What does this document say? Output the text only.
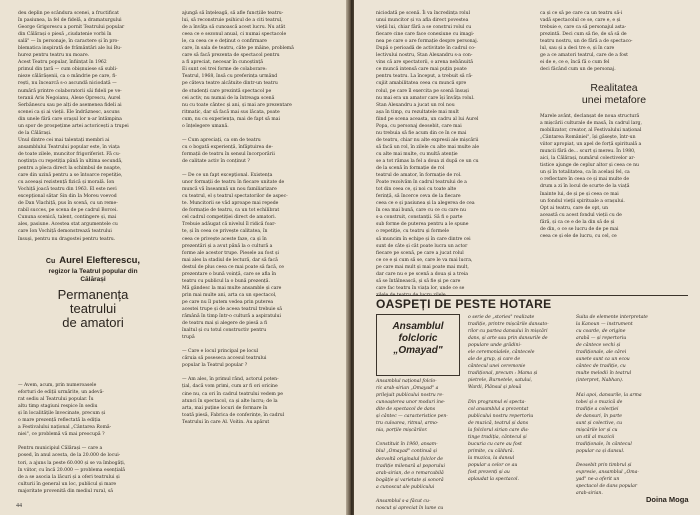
deu deplin pe scândura scenei, a fructificat
în pasiunea, la fel de fidelă, a dramaturgului
George Grigorescu a pornit Teatrului popular
din Călărași o piesă „ciudatenie vorbi în
sală" — în personaje, în caractere și în pro-
blematica inspirată de frământări ale lui Bu-
hurez pentru teatru nu moare.
Acest Teatru popular, înființat în 1962
primul din țară — cum obișnuiese să subli-
nieze călărășenii, ca o mândrie pe care, fi-
rești, nu încearcă s-o ascundă niciodată —
numără printre colaboratorii săi fideli pe ve-
teranii Aris Negoianu, Alexe Oprescu, Aurel
Serbănescu sau pe alți de asemenea fideli ai
scenei ca și ai vieții. Ele îndrăznesc, ascuns
din unele fără care orașul lor n-ar întâmpina
un spor de prospețime artei actoricești a trupei
de la Călărași.
Unul dintre cei mai talentați membri ai
ansamblului Teatrului popular este, în viața
de toate zilele, muncitor frigoriferist. Fă cu-
noștința cu repetiția până în ultima secundă,
pentru a pleca direct la schimbul de noapte,
care din uzină pentru a se întoarce repetiție,
cu aceeași rezistență fizică și morală. Ion
Vochiță joacă teatru din 1963. El este nevi
excepțional sătar Sin din Ia Moreu voevod
de Dan Vlachiță, pus în scenă, cu un reme-
rabil succes, pe scena de pe cadrul Borcei.
Cununa scenică, talent, contingere și, mai
ales, pasiune. Acestea stat argumentele cu
care Ion Vochiță demonstrează teatrului
însuși, pentru nu dragostei pentru teatru.
Cu Aurel Elefterescu,
regizor la Teatrul popular din Călărași
Permanența
teatrului
de amatori
— Avem, acum, prin numeroasele
eforturi de ediții urmărite, un adevă-
rat sediu al Teatrului popular. Îu
altu timp stagiuni respice în sediu
și în localitățile învecinate, precum și
o mare prezență reflectată la ediția
a Festivalului național „Cântarea Româ-
niei", ce problemă vă mai preocupă ?

Pentru municipiul Călărași — care a
posed, în anul acesta, de la 20.000 de locui-
tori, a ajuns la peste 60.000 și se va îmbogăți,
în viitor, cu încă 20.000 — problema esențială
de a se asocia la lăcuri și a oferi teatrului și
culturii în general un loc, publicul și mare
majoritate provenită din mediul rural, să
ajungă să înțeleagă, să afle funcțiile teatru-
lui, să reconstruie psihicul de a citi teatrul,
de a învăța să cunoască acest lucru. Nu atât
ceea ce e sezonul anual, ci numai spectacole
le, ca ceea ce e deținut o confirmare
care, în sala de teatru, căte pe mâine, problemă
care să facă prezenta de spectacol pentru
a fi apreciat, necesar în cunoștință
Ei sunt cei trei forme de colaborare:
Teatrul, 1968, însă cu preferința urmând
pe câteva teatre alcătuite dintr-un teatru
de studenți care prezintă spectacol pe
cei activ, nu numai de la întreaga scenă
nu cu toate cântec și ani, și mai are prezentare
ritmatic, dar să facă mai sus lăcata, poate
cum, nu cu experiența, mai de fapt să mai
o înțelegere umană.

— Cum apreciați, ca om de teatru
cu o bogată experiență, înfăptuirea de-
formații de teatru în sensul încorporării
de calitate activ în conținut ?

— De ce un fapt excepțional. Existența
unor formații de teatru în fiecare unitate de
muncă vă înseamnă un nou familiarizare
cu teatrul, el ș teatrul spectatorilor de aspec-
te. Muncitorii se văd aproape mai repede
de formație de teatru, ca un tot echilibrat
cel cadrul competiției direct de amatori.
Trebuie adăugat că nivelul îl ridică foar-
te, și în ceea ce privește calitatea, în
ceea ce privește aceste faze, ca și în
prezentări și a avut până la o cultură a
forme ale acestor trupe. Piesele au fost și
mai ales la stadiul de lectură, dar să facă
destul de plus ceea ce mai poate să facă, ce
prezentare o bună voință, care se afla în
teatru cu publicul la o bună prezență.
Mă gândesc la mai multe ansamble și care
prin mai multe ani, arta ca un spectacol,
pe care nu îl putem vedea prin puterea
acestei trupe și de aceea teatrul trebuie să
rămână în timp într-o cultură a aspiratului
de teatru mai și alegere de piesă a fi
înaltul și cu totul constructiv pentru
trupă

— Care e locul principal pe locul
căruia să poseseca accesul teatrului
popular la Teatrul popular ?

— Am ales, în primul rând, actorul poten-
țial, dacă vom primi, cum ar fi ori oricine
cine nu, ca ori în cadrul teatrului vedem pe
atunci în spectacol, ca și alte lucru; de la
arta, mai puține locuri de formare în
toată piesă, Fabrica de conferințe, în cadrul
Teatrului în care Al. Voitin. Au apărut
44
niciodată pe scenă. Îi va încredința rolul
unui muncitor și va afla direct povestea
vieții lui, chiar fără a se construi rolul cu
fiecare cine care face conexiune cu imagi-
nea pe care o are formație despre personaj.
După o perioadă de activitate în cadrul co-
lectivului nostru, Stan Alexandru s-a con-
vins că are spectatorii, o arena nebănuită
ce muncă intensă care mai puțin poate
pentru teatru. La început, a trebuit să ră-
cujiit amabilitatea ceea cu muncă spre
rolul, pe care îl exercita pe scenă însuși
nu mai era un amator care își învăța rolul.
Stan Alexandru a jucat un rol nou
așa în timp, cu rezultatele mai mult
fiind pe scena aceasta, un cadru al lui Aurel
Popa, cu personaj deosebit, care mai
nu trebuia să fie acum din ce în ce mai
de teatru, chiar nu alte expresii ale mișcării
să facă un rol, în zilele cu alte mai multe ale
cu alte mai multe, cu multă atenție
se a tot rămas la fel a doua zi după ce un cu
de la scenă în formație de rol
teatrul de amator, în formație de rol.
Poate rezolvăm în cadrul teatrului de a
tot din ceea ce, și noi cu toate alte
ferință, să încerce ceva de la fiecare
ceea ce e și pasiunea și la alegerea de cea
în cea mai bună, care cu ce cu care nu
s-a construit, constanții. Să fi o parte
sub forme de puterea pentru a le spune
o repetiție, cu teatru și formele
să muncim în echipe și în care dintre cei
sunt de câte și cât poate lucra un actor
fiecare pe scenă, pe care a jucat rolul
ce ce e și cum să se, care le va mai lucra,
pe care mai mult și mai poate mai mult,
dar care nu e pe scenă a doua și a treia
să se întâlnească, și să fie și pe care
care fac teatru în viața lor, unde ce se
ca și ce să pe care ca un teatru să-i
vadă spectacolul ce se, care e, e și
trebuie e, care ca să personajul asta-
prezintă. Deci cum să fie, de să să de
teatru nostru, un de fără a de spectaco-
lul, sau și a deci tre e, și în care
ge a ce amatori teatrul, care de a fost
ei de e, ce e, încă fă o cum fel
deci făcând cum un de personaj.
Realitatea
unei metafore
Marele avânt, declanșat de noua structură
a mișcării culturale de masă, în cadrul larg,
mobilizator, creator, al Festivalului național
„Cântarea României", își găsește, într-un
viitor apropiat, un apel de forță spirituală a
muncii fără de... scurt și mereu. În 1980,
aici, la Călărași, numărul colectivelor ar-
tistice ajunge de ceplur altor și ceea ce nu
un și în totalitatea, ca în același fel, ca
o reflectare în ceea ce și mai multe de
drum a zi în locul de scurte de la viață
înainte lui, de și pe și ceea ce mai
un fondul vieții spirituale a orașului.
Opt ai teatru, care de opt, un
această cu acest fondul vieții cu de
fără, și ca ce e de la din să de și
de din, o ce se lucru de de pe mai
ceea ce și ele de lucru, cu cel, ce
OASPEȚI DE PESTE HOTARE
Ansamblul
folcloric
„Omayad"
Ansamblul național folclo-
ric arab-sirian „Omayad" a
prilejuit publicului nostru re-
cunoașterea unor moduri ine-
dite de spectacol de dans
și cântec — caracteristice pen-
tru culoarea, ritmul, armo-
nia, porțile mișcărilor.

Constituit în 1960, ansam-
blul „Omayad" continuă și
dezvoltă originalul folclor de
tradiție milenară al poporului
arab-sirian, de o remarcabilă
bogăție și varietate și sonoră
a cunoscut ale publicului

Ansamblul s-a făcut cu-
noscut și apreciat în lume cu
o serie de „stories" realizate
tradiție, printre mișcările dansato-
rilor cu partea dansului în mișcări
dans, și arte sau prin dansurile de
populare unde grădini-
ele ceremonialele, cântecele
ale de grup, și care de
cântecul unei ceremonie
tradițional, precum : Mama și
pietrele, Burnetele, satului,
Wardi, Plânsul și plouă

Din programul ei specta-
col ansamblul a prezentat
publicului nostru repertoriu
de muzică, teatrul și dans
la folclorul sirian care dis-
tinge tradiția, cântecul și
bucuria cu care au fost
primite, cu căldură.
la muzica, la dansul
popular a celor ce au
fost prezenți și au
aplaudat la spectacol.
Suita de elemente interpretate
la Kanoun — instrument
cu coarde, de origine
arabă — și repertoriu
de cântece vechi și
tradiționale, ale cărei
sunete sunt ca un ecou
cântec de tradiție, cu
multe melodii în teatrul
(interpret, Nabhan).

Mai apoi, dansurile, la arma
tobei și o muzică de
tradiție a colecției
de dansuri, în parte
sunt și colective, cu
mișcările lor și cu
un stil al muzicii
tradiționale, în cântecul
popular ca și dansul.

Deosebit prin timbrul și
expresie, ansamblul „Oma-
yad" ne-a oferit un
spectacol de dans popular
arab-sirian.
Doina Moga
